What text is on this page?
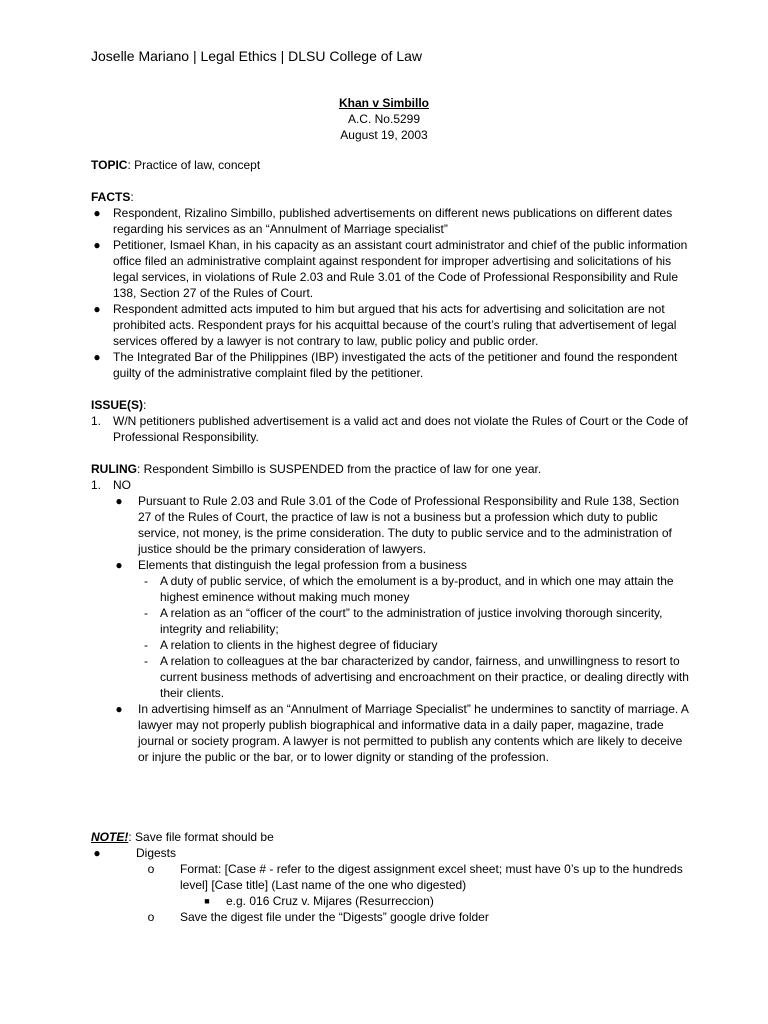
Joselle Mariano | Legal Ethics | DLSU College of Law
Khan v Simbillo
A.C. No.5299
August 19, 2003
TOPIC: Practice of law, concept
FACTS:
● Respondent, Rizalino Simbillo, published advertisements on different news publications on different dates regarding his services as an “Annulment of Marriage specialist”
● Petitioner, Ismael Khan, in his capacity as an assistant court administrator and chief of the public information office filed an administrative complaint against respondent for improper advertising and solicitations of his legal services, in violations of Rule 2.03 and Rule 3.01 of the Code of Professional Responsibility and Rule 138, Section 27 of the Rules of Court.
● Respondent admitted acts imputed to him but argued that his acts for advertising and solicitation are not prohibited acts. Respondent prays for his acquittal because of the court’s ruling that advertisement of legal services offered by a lawyer is not contrary to law, public policy and public order.
● The Integrated Bar of the Philippines (IBP) investigated the acts of the petitioner and found the respondent guilty of the administrative complaint filed by the petitioner.
ISSUE(S):
1. W/N petitioners published advertisement is a valid act and does not violate the Rules of Court or the Code of Professional Responsibility.
RULING: Respondent Simbillo is SUSPENDED from the practice of law for one year.
1. NO
● Pursuant to Rule 2.03 and Rule 3.01 of the Code of Professional Responsibility and Rule 138, Section 27 of the Rules of Court, the practice of law is not a business but a profession which duty to public service, not money, is the prime consideration. The duty to public service and to the administration of justice should be the primary consideration of lawyers.
● Elements that distinguish the legal profession from a business
-	A duty of public service, of which the emolument is a by-product, and in which one may attain the highest eminence without making much money
-	A relation as an “officer of the court” to the administration of justice involving thorough sincerity, integrity and reliability;
-	A relation to clients in the highest degree of fiduciary
-	A relation to colleagues at the bar characterized by candor, fairness, and unwillingness to resort to current business methods of advertising and encroachment on their practice, or dealing directly with their clients.
● In advertising himself as an “Annulment of Marriage Specialist” he undermines to sanctity of marriage. A lawyer may not properly publish biographical and informative data in a daily paper, magazine, trade journal or society program. A lawyer is not permitted to publish any contents which are likely to deceive or injure the public or the bar, or to lower dignity or standing of the profession.
NOTE!: Save file format should be
●	Digests
o Format: [Case # - refer to the digest assignment excel sheet; must have 0’s up to the hundreds level] [Case title] (Last name of the one who digested)
■ e.g. 016 Cruz v. Mijares (Resurreccion)
o Save the digest file under the “Digests” google drive folder
